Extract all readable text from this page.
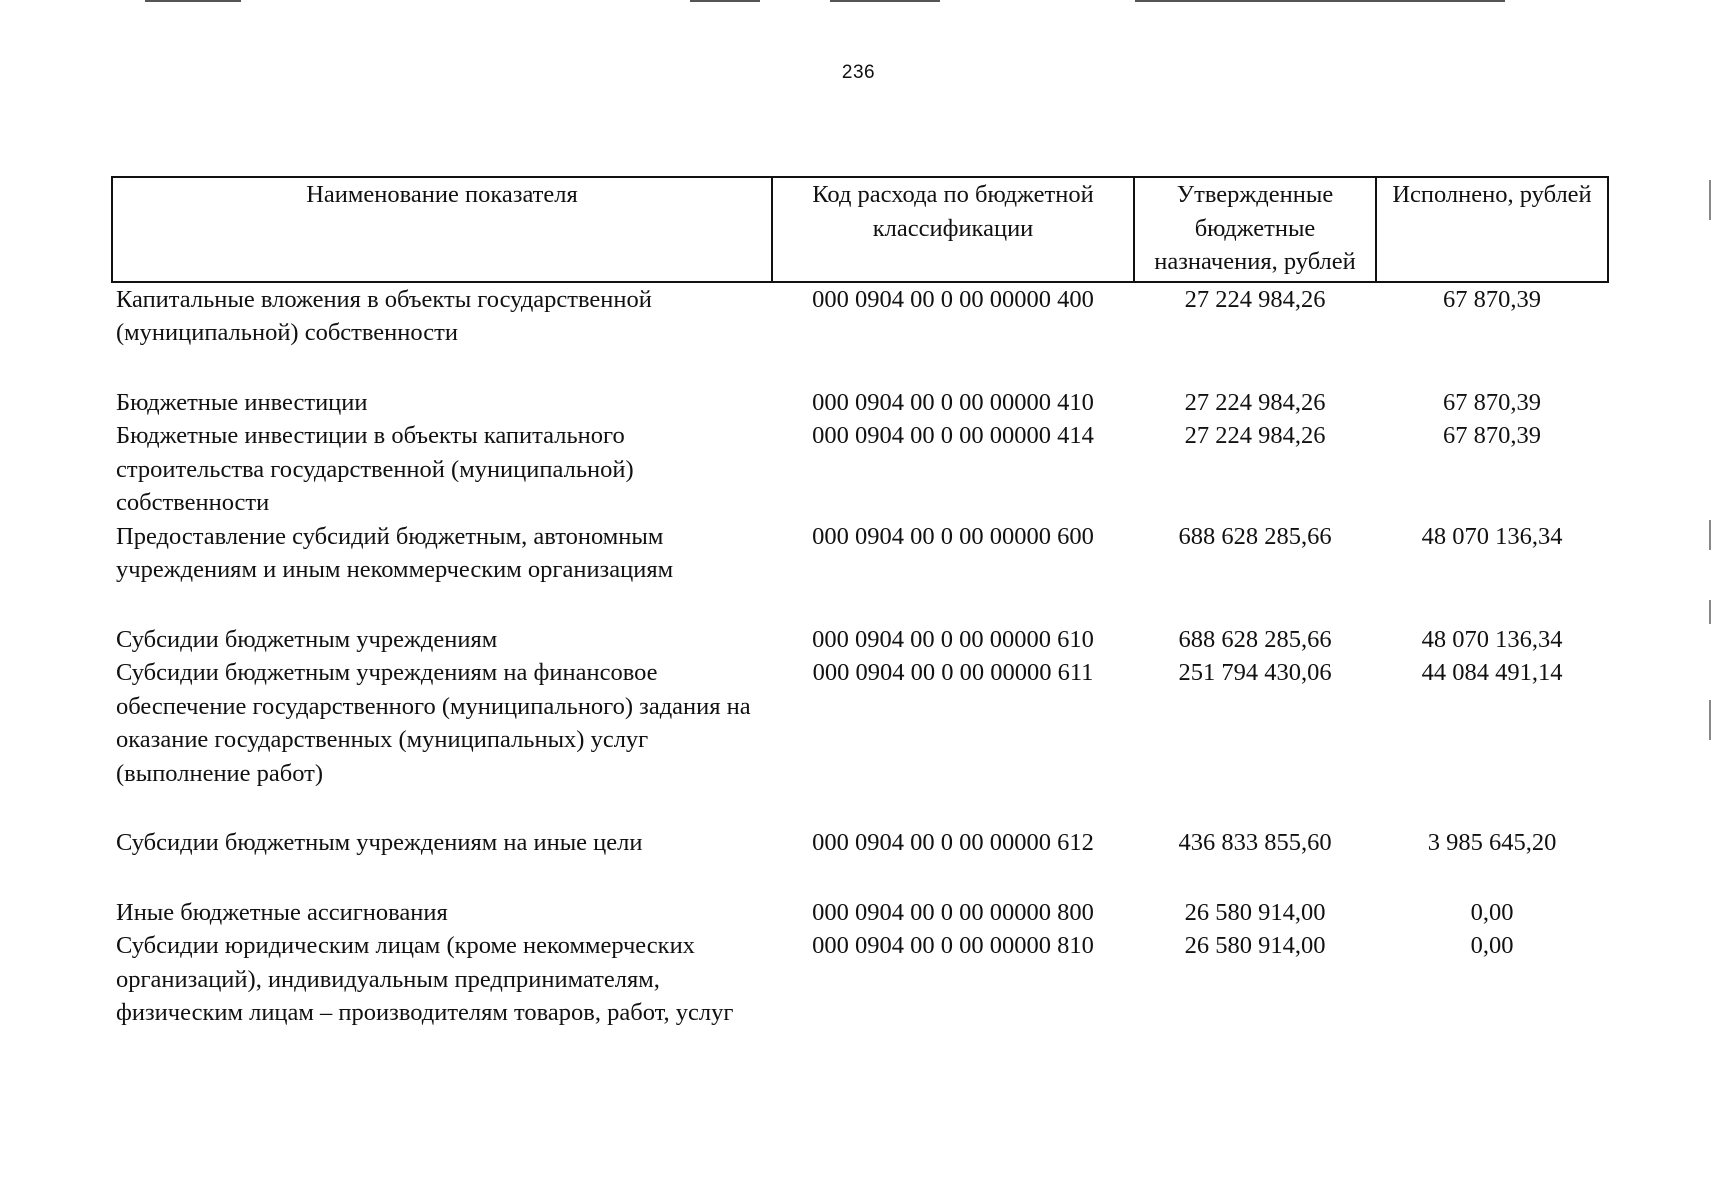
236
Наименование показателя	Код расхода по бюджетной классификации	Утвержденные бюджетные назначения, рублей	Исполнено, рублей
Капитальные вложения в объекты государственной (муниципальной) собственности	000 0904 00 0 00 00000 400	27 224 984,26	67 870,39
Бюджетные инвестиции	000 0904 00 0 00 00000 410	27 224 984,26	67 870,39
Бюджетные инвестиции в объекты капитального строительства государственной (муниципальной) собственности	000 0904 00 0 00 00000 414	27 224 984,26	67 870,39
Предоставление субсидий бюджетным, автономным учреждениям и иным некоммерческим организациям	000 0904 00 0 00 00000 600	688 628 285,66	48 070 136,34
Субсидии бюджетным учреждениям	000 0904 00 0 00 00000 610	688 628 285,66	48 070 136,34
Субсидии бюджетным учреждениям на финансовое обеспечение государственного (муниципального) задания на оказание государственных (муниципальных) услуг (выполнение работ)	000 0904 00 0 00 00000 611	251 794 430,06	44 084 491,14
Субсидии бюджетным учреждениям на иные цели	000 0904 00 0 00 00000 612	436 833 855,60	3 985 645,20
Иные бюджетные ассигнования	000 0904 00 0 00 00000 800	26 580 914,00	0,00
Субсидии юридическим лицам (кроме некоммерческих организаций), индивидуальным предпринимателям, физическим лицам – производителям товаров, работ, услуг	000 0904 00 0 00 00000 810	26 580 914,00	0,00
